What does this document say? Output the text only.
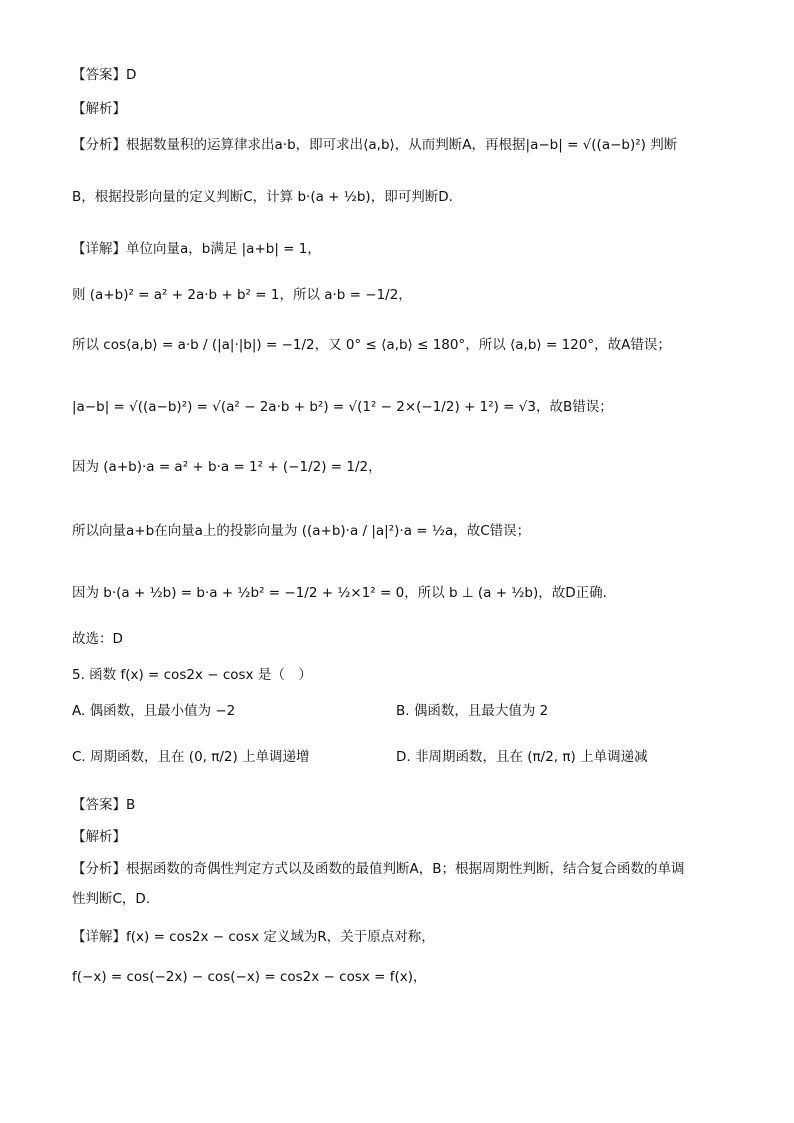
【答案】D
【解析】
【分析】根据数量积的运算律求出a·b，即可求出⟨a,b⟩，从而判断A，再根据|a−b| = √((a−b)²) 判断
B，根据投影向量的定义判断C，计算 b·(a + ½b)，即可判断D.
【详解】单位向量a，b满足 |a+b| = 1，
则 (a+b)² = a² + 2a·b + b² = 1，所以 a·b = −1/2，
所以 cos⟨a,b⟩ = a·b / (|a|·|b|) = −1/2，又 0° ≤ ⟨a,b⟩ ≤ 180°，所以 ⟨a,b⟩ = 120°，故A错误；
|a−b| = √((a−b)²) = √(a² − 2a·b + b²) = √(1² − 2×(−1/2) + 1²) = √3，故B错误；
因为 (a+b)·a = a² + b·a = 1² + (−1/2) = 1/2，
所以向量a+b在向量a上的投影向量为 ((a+b)·a / |a|²)·a = ½a，故C错误；
因为 b·(a + ½b) = b·a + ½b² = −1/2 + ½×1² = 0，所以 b ⊥ (a + ½b)，故D正确.
故选：D
5. 函数 f(x) = cos2x − cosx 是（　）
A. 偶函数，且最小值为 −2	B. 偶函数，且最大值为 2
C. 周期函数，且在 (0, π/2) 上单调递增	D. 非周期函数，且在 (π/2, π) 上单调递减
【答案】B
【解析】
【分析】根据函数的奇偶性判定方式以及函数的最值判断A，B；根据周期性判断，结合复合函数的单调
性判断C，D.
【详解】f(x) = cos2x − cosx 定义域为R，关于原点对称，
f(−x) = cos(−2x) − cos(−x) = cos2x − cosx = f(x)，
